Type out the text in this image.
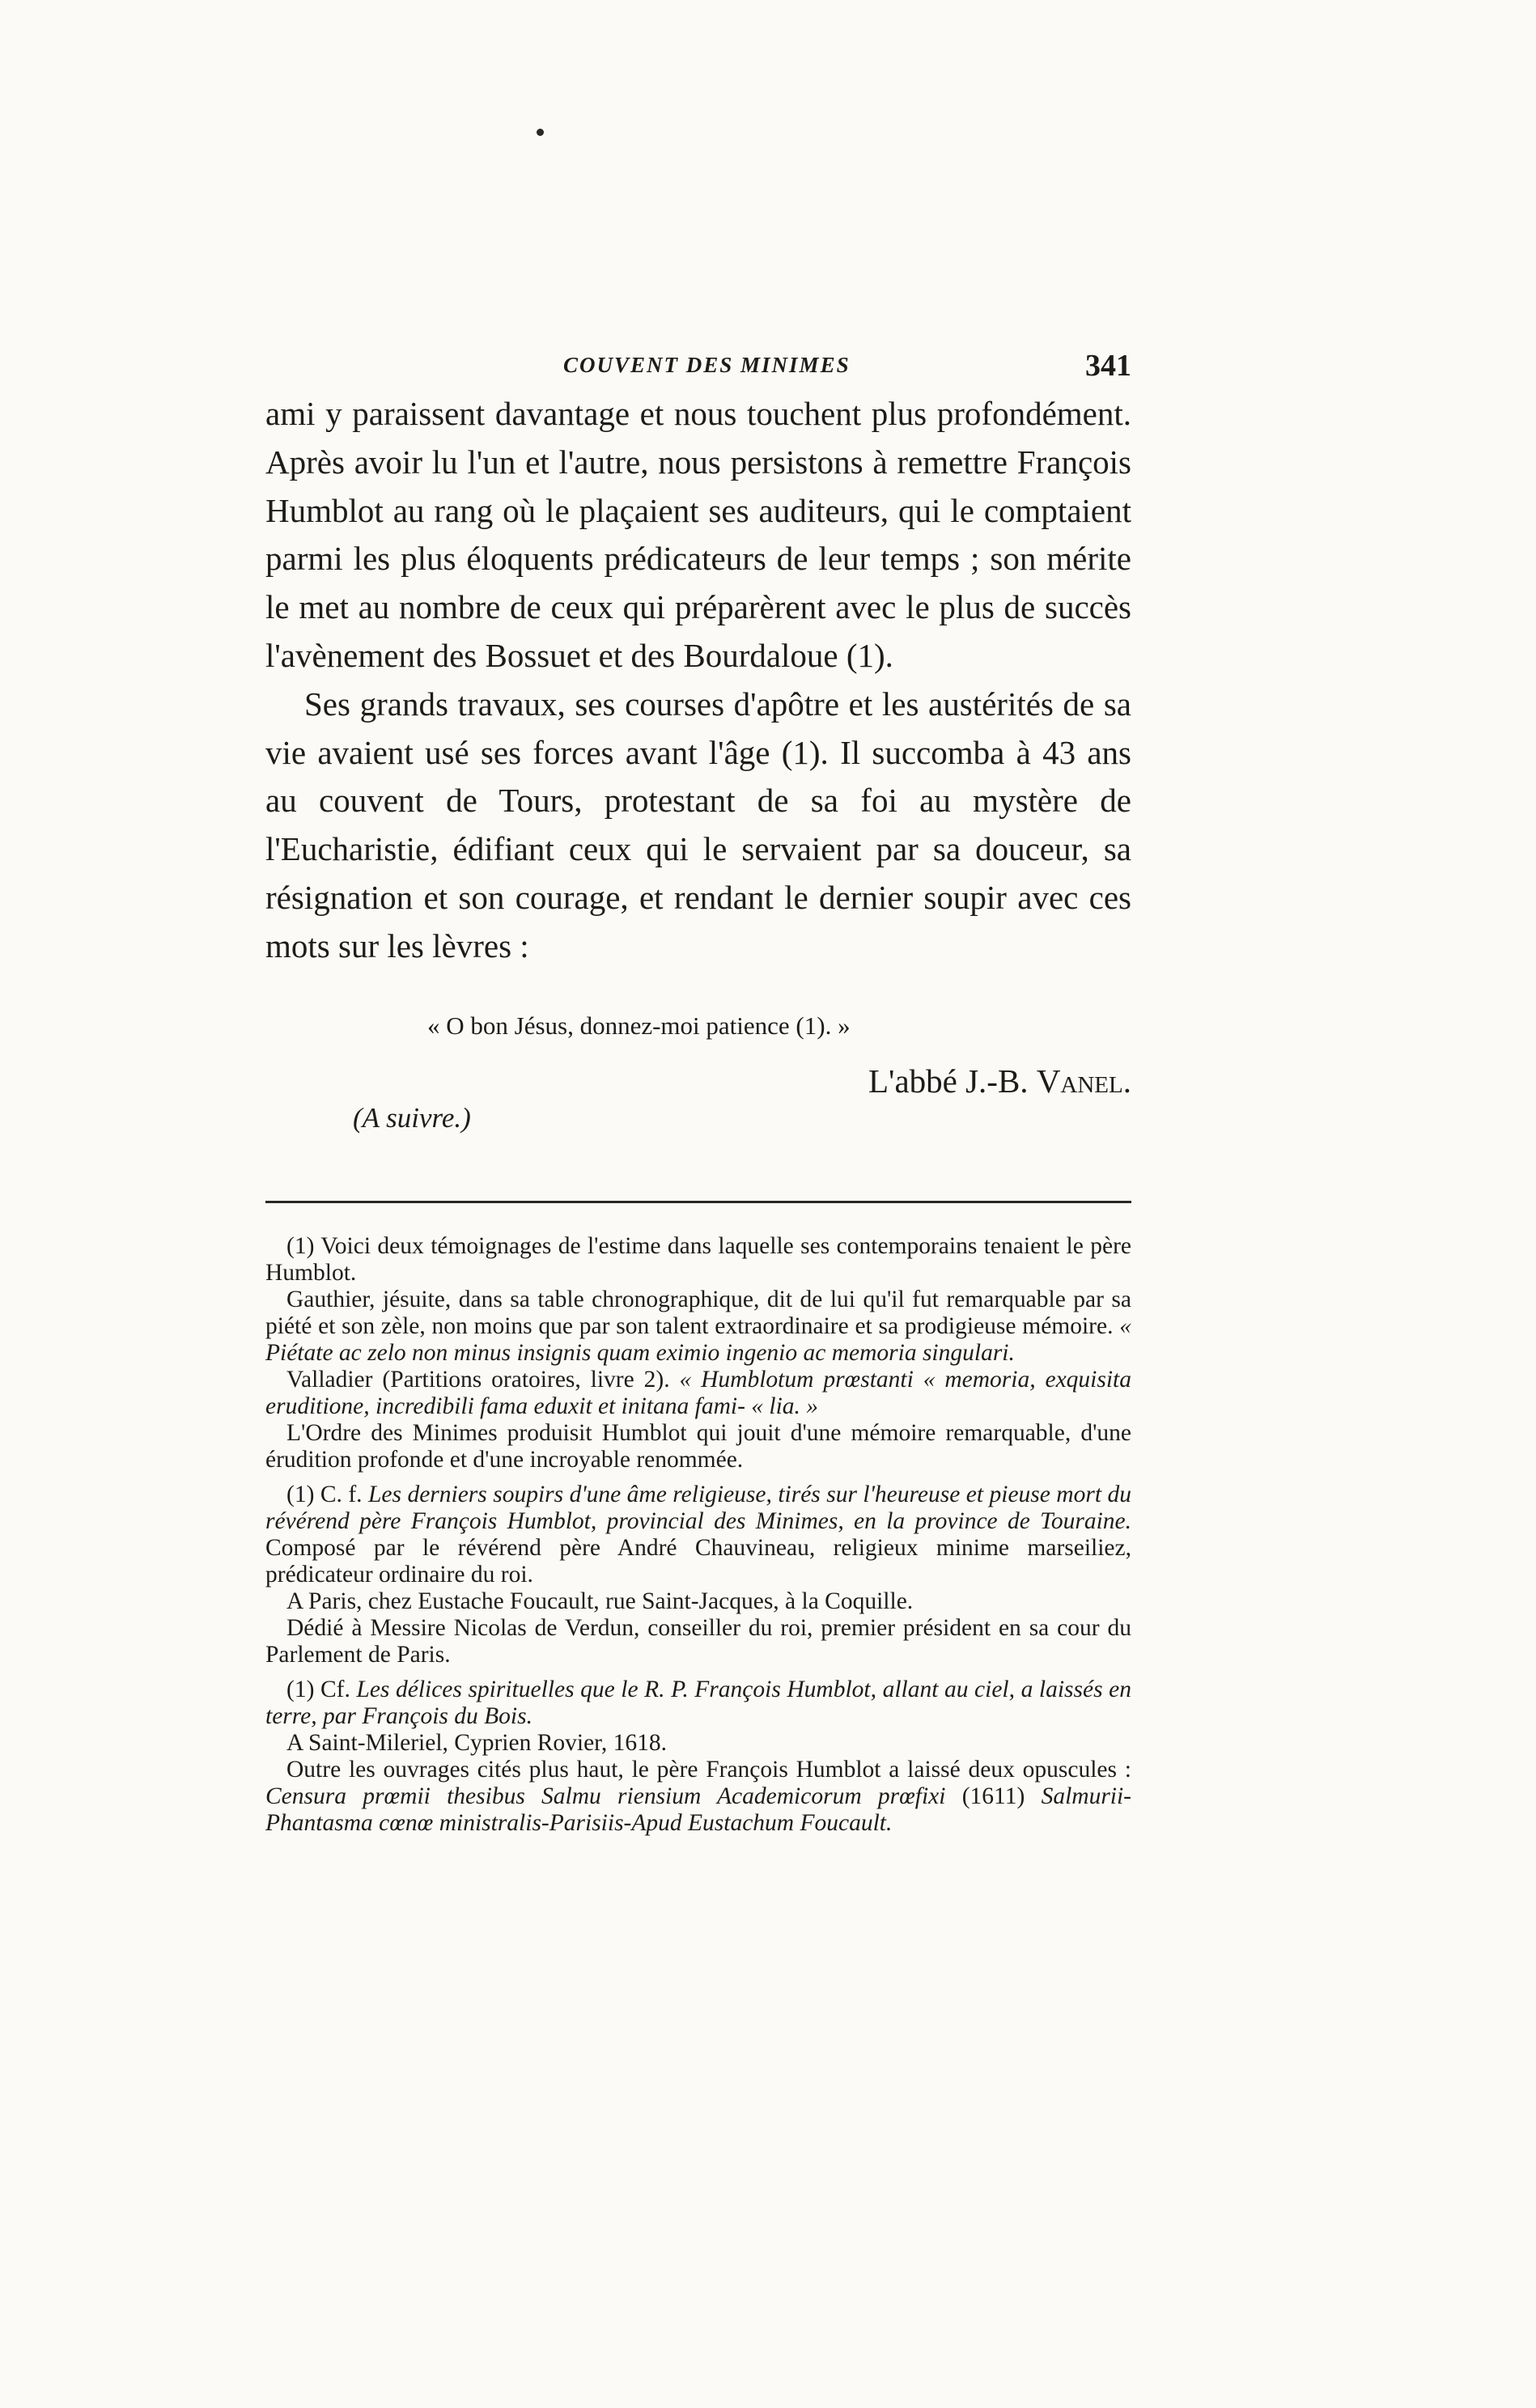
COUVENT DES MINIMES	341

ami y paraissent davantage et nous touchent plus profondément. Après avoir lu l'un et l'autre, nous persistons à remettre François Humblot au rang où le plaçaient ses auditeurs, qui le comptaient parmi les plus éloquents prédicateurs de leur temps ; son mérite le met au nombre de ceux qui préparèrent avec le plus de succès l'avènement des Bossuet et des Bourdaloue (1).

Ses grands travaux, ses courses d'apôtre et les austérités de sa vie avaient usé ses forces avant l'âge (1). Il succomba à 43 ans au couvent de Tours, protestant de sa foi au mystère de l'Eucharistie, édifiant ceux qui le servaient par sa douceur, sa résignation et son courage, et rendant le dernier soupir avec ces mots sur les lèvres :

« O bon Jésus, donnez-moi patience (1). »
L'abbé J.-B. Vanel.
(A suivre.)

(1) Voici deux témoignages de l'estime dans laquelle ses contemporains tenaient le père Humblot.

Gauthier, jésuite, dans sa table chronographique, dit de lui qu'il fut remarquable par sa piété et son zèle, non moins que par son talent extraordinaire et sa prodigieuse mémoire. « Piétate ac zelo non minus insignis quam eximio ingenio ac memoria singulari.

Valladier (Partitions oratoires, livre 2). « Humblotum prœstanti « memoria, exquisita eruditione, incredibili fama eduxit et initana fami- « lia. »

L'Ordre des Minimes produisit Humblot qui jouit d'une mémoire remarquable, d'une érudition profonde et d'une incroyable renommée.

(1) C. f. Les derniers soupirs d'une âme religieuse, tirés sur l'heureuse et pieuse mort du révérend père François Humblot, provincial des Minimes, en la province de Touraine. Composé par le révérend père André Chauvineau, religieux minime marseiliez, prédicateur ordinaire du roi.

A Paris, chez Eustache Foucault, rue Saint-Jacques, à la Coquille.

Dédié à Messire Nicolas de Verdun, conseiller du roi, premier président en sa cour du Parlement de Paris.

(1) Cf. Les délices spirituelles que le R. P. François Humblot, allant au ciel, a laissés en terre, par François du Bois.

A Saint-Mileriel, Cyprien Rovier, 1618.

Outre les ouvrages cités plus haut, le père François Humblot a laissé deux opuscules : Censura prœmii thesibus Salmu riensium Academicorum prœfixi (1611) Salmurii-Phantasma cœnœ ministralis-Parisiis-Apud Eustachum Foucault.
